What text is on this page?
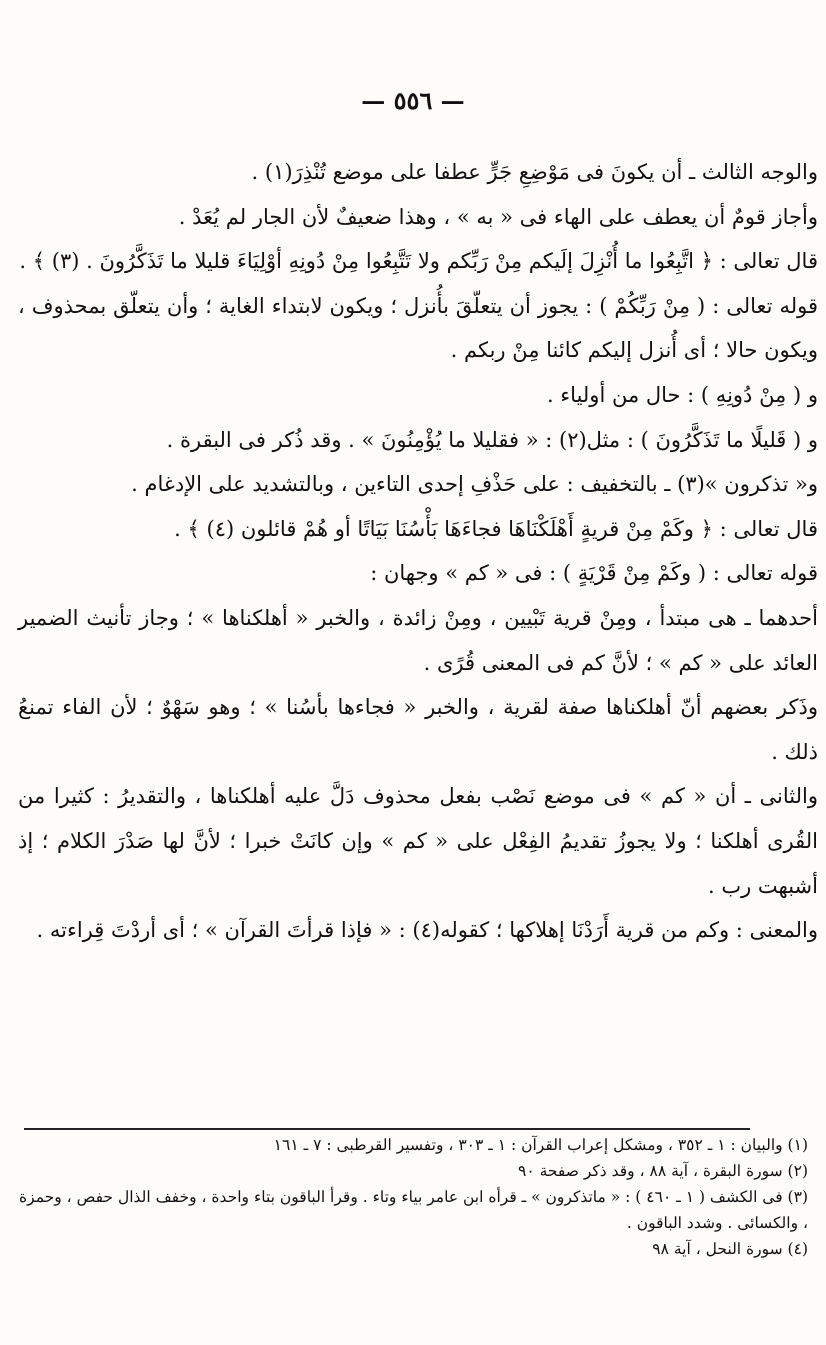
— ٥٥٦ —

والوجه الثالث ـ أن يكونَ فى مَوْضِعِ جَرٍّ عطفا على موضع تُنْذِرَ(١) .

وأجاز قومٌ أن يعطف على الهاء فى « به » ، وهذا ضعيفٌ لأن الجار لم يُعَدْ .

قال تعالى : ﴿ اتَّبِعُوا ما أُنْزِلَ إلَيكم مِنْ رَبِّكم ولا تَتَّبِعُوا مِنْ دُونِهِ أوْلِيَاءَ قليلا ما تَذَكَّرُونَ . (٣) ﴾ .

قوله تعالى : ( مِنْ رَبِّكُمْ ) : يجوز أن يتعلّقَ بأُنزل ؛ ويكون لابتداء الغاية ؛ وأن يتعلّق بمحذوف ، ويكون حالا ؛ أى أُنزل إليكم كائنا مِنْ ربكم .

و ( مِنْ دُونِهِ ) : حال من أولياء .

و ( قَليلًا ما تَذَكَّرُونَ ) : مثل(٢) : « فقليلا ما يُؤْمِنُونَ » . وقد ذُكر فى البقرة .

و« تذكرون »(٣) ـ بالتخفيف : على حَذْفِ إحدى التاءين ، وبالتشديد على الإدغام .

قال تعالى : ﴿ وكَمْ مِنْ قريةٍ أَهْلَكْنَاهَا فجاءَهَا بَأْسُنَا بَيَاتًا أو هُمْ قائلون (٤) ﴾ .

قوله تعالى : ( وكَمْ مِنْ قَرْيَةٍ ) : فى « كم » وجهان :

أحدهما ـ هى مبتدأ ، ومِنْ قرية تَبْيين ، ومِنْ زائدة ، والخبر « أهلكناها » ؛ وجاز تأنيث الضمير العائد على « كم » ؛ لأنَّ كم فى المعنى قُرًى .

وذَكر بعضهم أنّ أهلكناها صفة لقرية ، والخبر « فجاءها بأسُنا » ؛ وهو سَهْوٌ ؛ لأن الفاء تمنعُ ذلك .

والثانى ـ أن « كم » فى موضع نَصْب بفعل محذوف دَلَّ عليه أهلكناها ، والتقديرُ : كثيرا من القُرى أهلكنا ؛ ولا يجوزُ تقديمُ الفِعْل على « كم » وإن كانَتْ خبرا ؛ لأنَّ لها صَدْرَ الكلام ؛ إذ أشبهت رب .

والمعنى : وكم من قرية أَرَدْنَا إهلاكها ؛ كقوله(٤) : « فإذا قرأتَ القرآن » ؛ أى أردْتَ قِراءته .

(١) والبيان : ١ ـ ٣٥٢ ، ومشكل إعراب القرآن : ١ ـ ٣٠٣ ، وتفسير القرطبى : ٧ ـ ١٦١

(٢) سورة البقرة ، آية ٨٨ ، وقد ذكر صفحة ٩٠

(٣) فى الكشف ( ١ ـ ٤٦٠ ) : « ماتذكرون » ـ قرأه ابن عامر بياء وتاء . وقرأ الباقون بتاء واحدة ، وخفف الذال حفص ، وحمزة ، والكسائى . وشدد الباقون .

(٤) سورة النحل ، آية ٩٨
